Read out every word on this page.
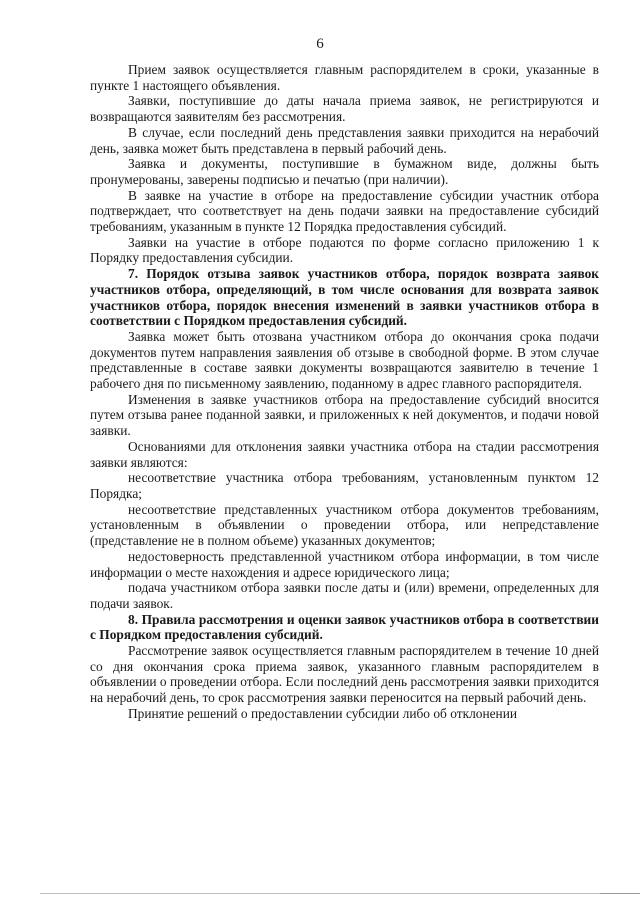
6

Прием заявок осуществляется главным распорядителем в сроки, указанные в пункте 1 настоящего объявления.

Заявки, поступившие до даты начала приема заявок, не регистрируются и возвращаются заявителям без рассмотрения.

В случае, если последний день представления заявки приходится на нерабочий день, заявка может быть представлена в первый рабочий день.

Заявка и документы, поступившие в бумажном виде, должны быть пронумерованы, заверены подписью и печатью (при наличии).

В заявке на участие в отборе на предоставление субсидии участник отбора подтверждает, что соответствует на день подачи заявки на предоставление субсидий требованиям, указанным в пункте 12 Порядка предоставления субсидий.

Заявки на участие в отборе подаются по форме согласно приложению 1 к Порядку предоставления субсидии.

7. Порядок отзыва заявок участников отбора, порядок возврата заявок участников отбора, определяющий, в том числе основания для возврата заявок участников отбора, порядок внесения изменений в заявки участников отбора в соответствии с Порядком предоставления субсидий.

Заявка может быть отозвана участником отбора до окончания срока подачи документов путем направления заявления об отзыве в свободной форме. В этом случае представленные в составе заявки документы возвращаются заявителю в течение 1 рабочего дня по письменному заявлению, поданному в адрес главного распорядителя.

Изменения в заявке участников отбора на предоставление субсидий вносится путем отзыва ранее поданной заявки, и приложенных к ней документов, и подачи новой заявки.

Основаниями для отклонения заявки участника отбора на стадии рассмотрения заявки являются:

несоответствие участника отбора требованиям, установленным пунктом 12 Порядка;

несоответствие представленных участником отбора документов требованиям, установленным в объявлении о проведении отбора, или непредставление (представление не в полном объеме) указанных документов;

недостоверность представленной участником отбора информации, в том числе информации о месте нахождения и адресе юридического лица;

подача участником отбора заявки после даты и (или) времени, определенных для подачи заявок.

8. Правила рассмотрения и оценки заявок участников отбора в соответствии с Порядком предоставления субсидий.

Рассмотрение заявок осуществляется главным распорядителем в течение 10 дней со дня окончания срока приема заявок, указанного главным распорядителем в объявлении о проведении отбора. Если последний день рассмотрения заявки приходится на нерабочий день, то срок рассмотрения заявки переносится на первый рабочий день.

Принятие решений о предоставлении субсидии либо об отклонении
